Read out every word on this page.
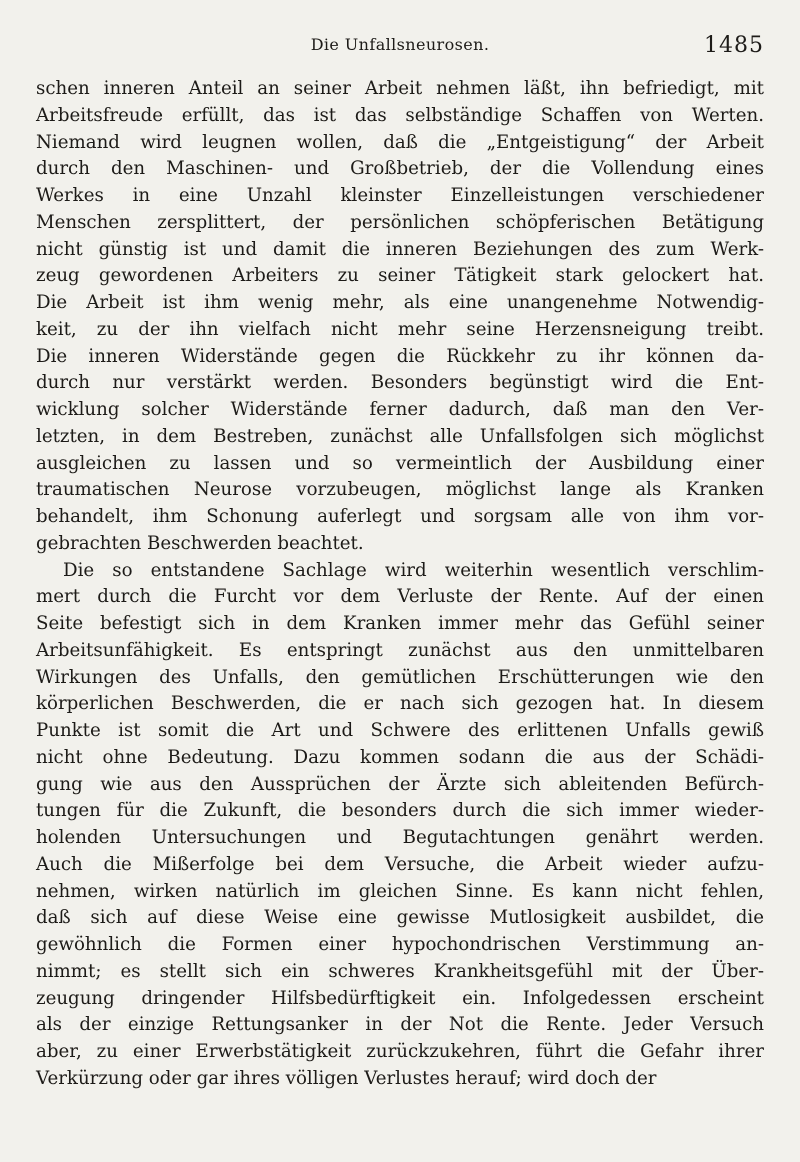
Die Unfallsneurosen.	1485
schen inneren Anteil an seiner Arbeit nehmen läßt, ihn befriedigt, mit
Arbeitsfreude erfüllt, das ist das selbständige Schaffen von Werten.
Niemand wird leugnen wollen, daß die „Entgeistigung“ der Arbeit
durch den Maschinen- und Großbetrieb, der die Vollendung eines
Werkes in eine Unzahl kleinster Einzelleistungen verschiedener
Menschen zersplittert, der persönlichen schöpferischen Betätigung
nicht günstig ist und damit die inneren Beziehungen des zum Werk-
zeug gewordenen Arbeiters zu seiner Tätigkeit stark gelockert hat.
Die Arbeit ist ihm wenig mehr, als eine unangenehme Notwendig-
keit, zu der ihn vielfach nicht mehr seine Herzensneigung treibt.
Die inneren Widerstände gegen die Rückkehr zu ihr können da-
durch nur verstärkt werden. Besonders begünstigt wird die Ent-
wicklung solcher Widerstände ferner dadurch, daß man den Ver-
letzten, in dem Bestreben, zunächst alle Unfallsfolgen sich möglichst
ausgleichen zu lassen und so vermeintlich der Ausbildung einer
traumatischen Neurose vorzubeugen, möglichst lange als Kranken
behandelt, ihm Schonung auferlegt und sorgsam alle von ihm vor-
gebrachten Beschwerden beachtet.
Die so entstandene Sachlage wird weiterhin wesentlich verschlim-
mert durch die Furcht vor dem Verluste der Rente. Auf der einen
Seite befestigt sich in dem Kranken immer mehr das Gefühl seiner
Arbeitsunfähigkeit. Es entspringt zunächst aus den unmittelbaren
Wirkungen des Unfalls, den gemütlichen Erschütterungen wie den
körperlichen Beschwerden, die er nach sich gezogen hat. In diesem
Punkte ist somit die Art und Schwere des erlittenen Unfalls gewiß
nicht ohne Bedeutung. Dazu kommen sodann die aus der Schädi-
gung wie aus den Aussprüchen der Ärzte sich ableitenden Befürch-
tungen für die Zukunft, die besonders durch die sich immer wieder-
holenden Untersuchungen und Begutachtungen genährt werden.
Auch die Mißerfolge bei dem Versuche, die Arbeit wieder aufzu-
nehmen, wirken natürlich im gleichen Sinne. Es kann nicht fehlen,
daß sich auf diese Weise eine gewisse Mutlosigkeit ausbildet, die
gewöhnlich die Formen einer hypochondrischen Verstimmung an-
nimmt; es stellt sich ein schweres Krankheitsgefühl mit der Über-
zeugung dringender Hilfsbedürftigkeit ein. Infolgedessen erscheint
als der einzige Rettungsanker in der Not die Rente. Jeder Versuch
aber, zu einer Erwerbstätigkeit zurückzukehren, führt die Gefahr ihrer
Verkürzung oder gar ihres völligen Verlustes herauf; wird doch der
